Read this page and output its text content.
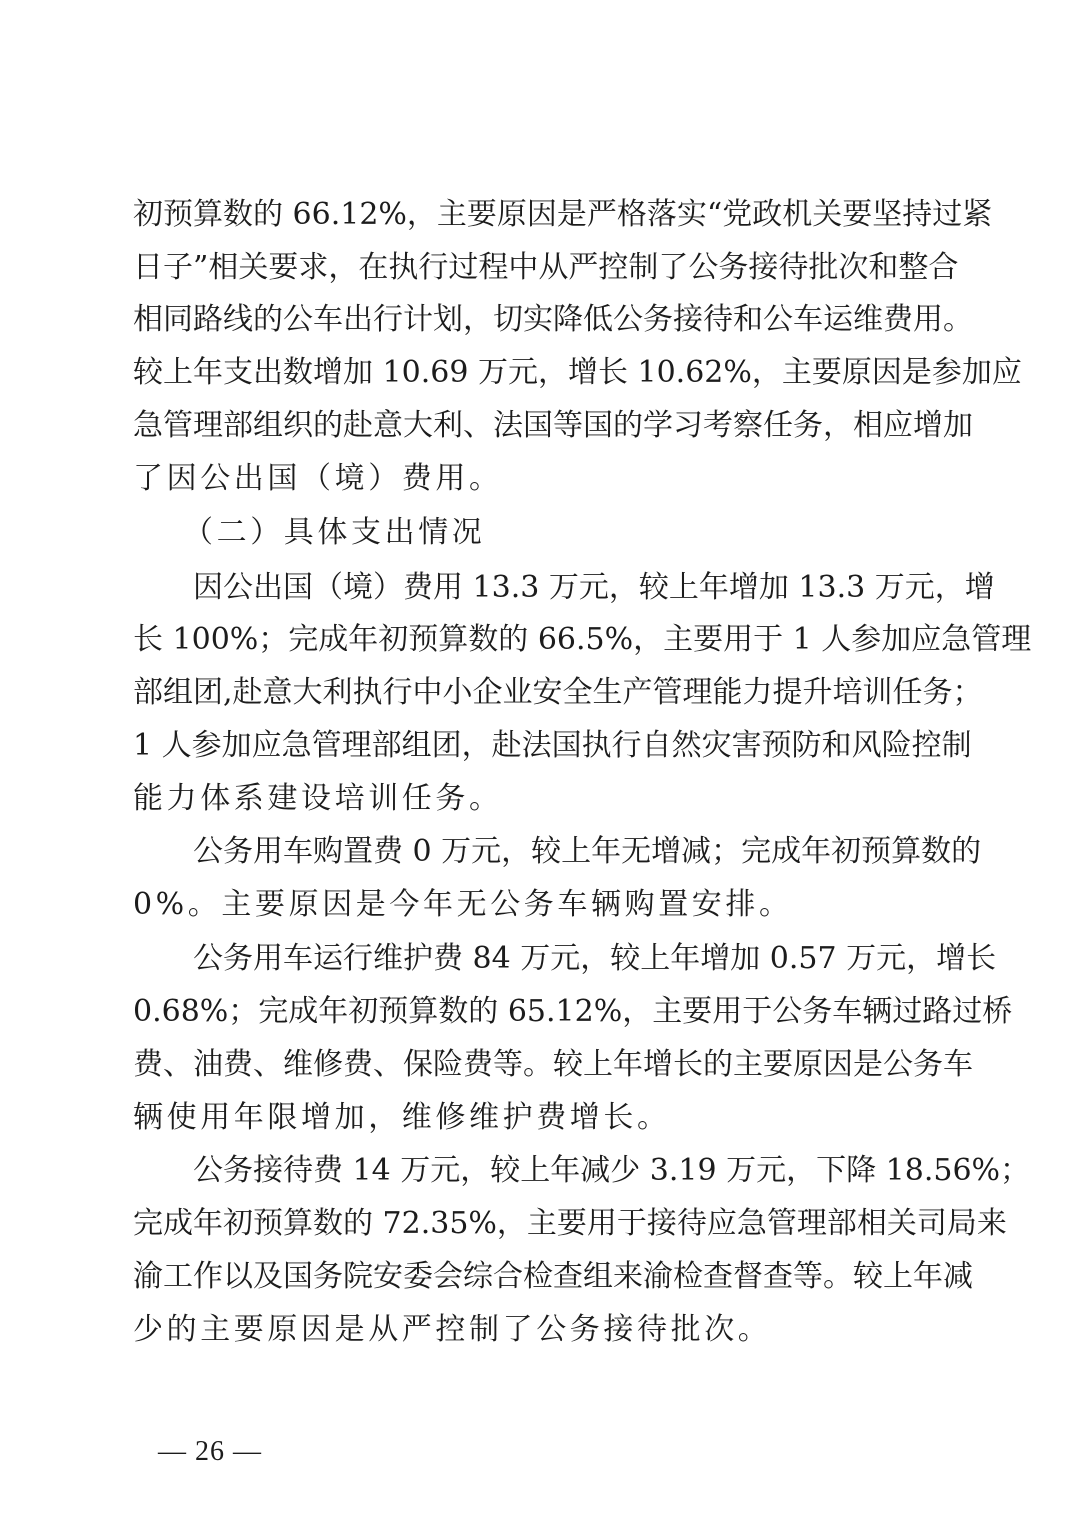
初预算数的 66.12%，主要原因是严格落实“党政机关要坚持过紧
日子”相关要求，在执行过程中从严控制了公务接待批次和整合
相同路线的公车出行计划，切实降低公务接待和公车运维费用。
较上年支出数增加 10.69 万元，增长 10.62%，主要原因是参加应
急管理部组织的赴意大利、法国等国的学习考察任务，相应增加
了因公出国（境）费用。
（二）具体支出情况
因公出国（境）费用 13.3 万元，较上年增加 13.3 万元，增
长 100%；完成年初预算数的 66.5%，主要用于 1 人参加应急管理
部组团,赴意大利执行中小企业安全生产管理能力提升培训任务；
1 人参加应急管理部组团，赴法国执行自然灾害预防和风险控制
能力体系建设培训任务。
公务用车购置费 0 万元，较上年无增减；完成年初预算数的
0%。主要原因是今年无公务车辆购置安排。
公务用车运行维护费 84 万元，较上年增加 0.57 万元，增长
0.68%；完成年初预算数的 65.12%，主要用于公务车辆过路过桥
费、油费、维修费、保险费等。较上年增长的主要原因是公务车
辆使用年限增加，维修维护费增长。
公务接待费 14 万元，较上年减少 3.19 万元，下降 18.56%；
完成年初预算数的 72.35%，主要用于接待应急管理部相关司局来
渝工作以及国务院安委会综合检查组来渝检查督查等。较上年减
少的主要原因是从严控制了公务接待批次。
— 26 —
